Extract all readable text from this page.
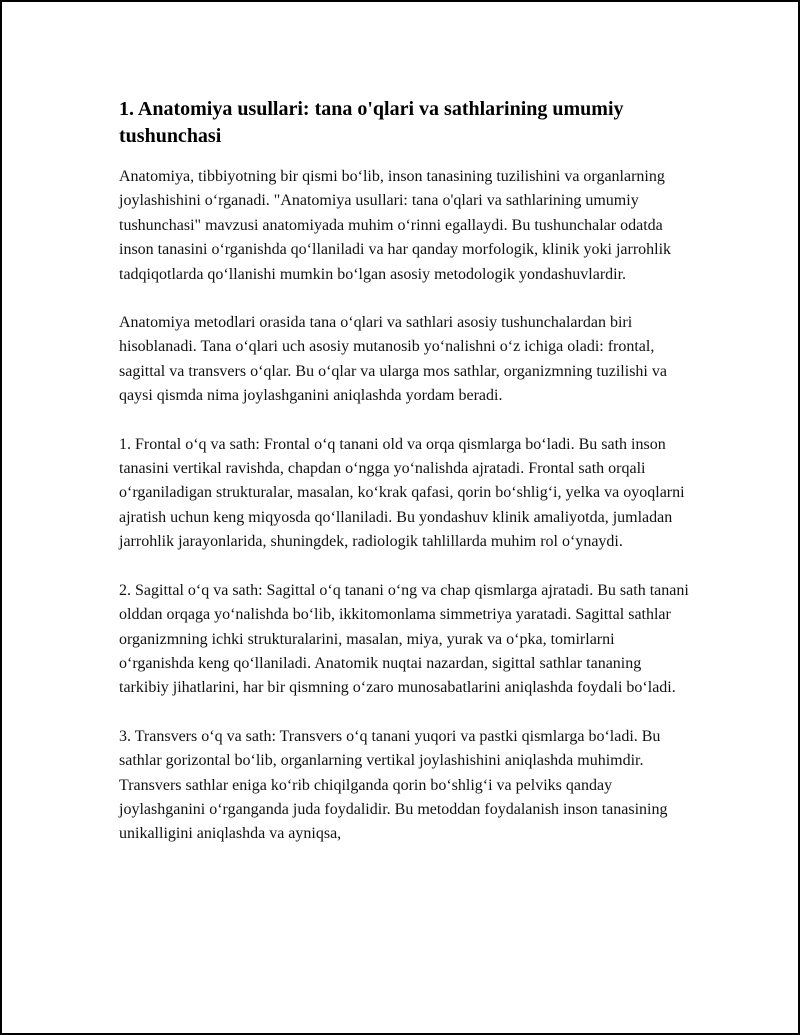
1. Anatomiya usullari: tana o'qlari va sathlarining umumiy tushunchasi

Anatomiya, tibbiyotning bir qismi bo‘lib, inson tanasining tuzilishini va organlarning joylashishini o‘rganadi. "Anatomiya usullari: tana o'qlari va sathlarining umumiy tushunchasi" mavzusi anatomiyada muhim o‘rinni egallaydi. Bu tushunchalar odatda inson tanasini o‘rganishda qo‘llaniladi va har qanday morfologik, klinik yoki jarrohlik tadqiqotlarda qo‘llanishi mumkin bo‘lgan asosiy metodologik yondashuvlardir.

Anatomiya metodlari orasida tana o‘qlari va sathlari asosiy tushunchalardan biri hisoblanadi. Tana o‘qlari uch asosiy mutanosib yo‘nalishni o‘z ichiga oladi: frontal, sagittal va transvers o‘qlar. Bu o‘qlar va ularga mos sathlar, organizmning tuzilishi va qaysi qismda nima joylashganini aniqlashda yordam beradi.

1. Frontal o‘q va sath: Frontal o‘q tanani old va orqa qismlarga bo‘ladi. Bu sath inson tanasini vertikal ravishda, chapdan o‘ngga yo‘nalishda ajratadi. Frontal sath orqali o‘rganiladigan strukturalar, masalan, ko‘krak qafasi, qorin bo‘shlig‘i, yelka va oyoqlarni ajratish uchun keng miqyosda qo‘llaniladi. Bu yondashuv klinik amaliyotda, jumladan jarrohlik jarayonlarida, shuningdek, radiologik tahlillarda muhim rol o‘ynaydi.

2. Sagittal o‘q va sath: Sagittal o‘q tanani o‘ng va chap qismlarga ajratadi. Bu sath tanani olddan orqaga yo‘nalishda bo‘lib, ikkitomonlama simmetriya yaratadi. Sagittal sathlar organizmning ichki strukturalarini, masalan, miya, yurak va o‘pka, tomirlarni o‘rganishda keng qo‘llaniladi. Anatomik nuqtai nazardan, sigittal sathlar tananing tarkibiy jihatlarini, har bir qismning o‘zaro munosabatlarini aniqlashda foydali bo‘ladi.

3. Transvers o‘q va sath: Transvers o‘q tanani yuqori va pastki qismlarga bo‘ladi. Bu sathlar gorizontal bo‘lib, organlarning vertikal joylashishini aniqlashda muhimdir. Transvers sathlar eniga ko‘rib chiqilganda qorin bo‘shlig‘i va pelviks qanday joylashganini o‘rganganda juda foydalidir. Bu metoddan foydalanish inson tanasining unikalligini aniqlashda va ayniqsa,
